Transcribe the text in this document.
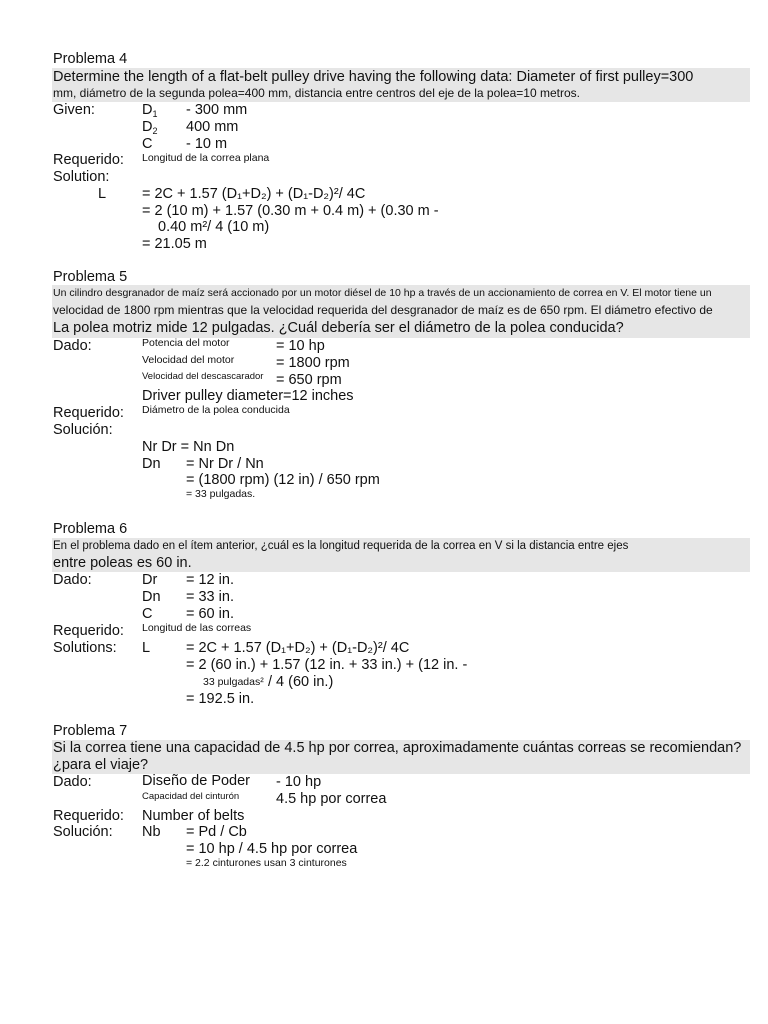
Problema 4
Determine the length of a flat-belt pulley drive having the following data: Diameter of first pulley=300
mm, diámetro de la segunda polea=400 mm, distancia entre centros del eje de la polea=10 metros.
Given:	$D_1 - 300$ mm
$D_2$ 400 mm
C - 10 m
Requerido: Longitud de la correa plana
Solution:
L = 2C + 1.57 (D₁+D₂) + (D₁-D₂)²/ 4C
= 2 (10 m) + 1.57 (0.30 m + 0.4 m) + (0.30 m -
0.40 m²/ 4 (10 m)
= 21.05 m
Problema 5
Un cilindro desgranador de maíz será accionado por un motor diésel de 10 hp a través de un accionamiento de correa en V. El motor tiene un
velocidad de 1800 rpm mientras que la velocidad requerida del desgranador de maíz es de 650 rpm. El diámetro efectivo de
La polea motriz mide 12 pulgadas. ¿Cuál debería ser el diámetro de la polea conducida?
Dado:	Potencia del motor	= 10 hp
Velocidad del motor	= 1800 rpm
Velocidad del descascarador = 650 rpm
Driver pulley diameter=12 inches
Requerido: Diámetro de la polea conducida
Solución:
Nr Dr = Nn Dn
Dn = Nr Dr / Nn
= (1800 rpm) (12 in) / 650 rpm
= 33 pulgadas.
Problema 6
En el problema dado en el ítem anterior, ¿cuál es la longitud requerida de la correa en V si la distancia entre ejes
entre poleas es 60 in.
Dado:	Dr = 12 in.
Dn = 33 in.
C = 60 in.
Requerido: Longitud de las correas
Solutions: L = 2C + 1.57 (D₁+D₂) + (D₁-D₂)²/ 4C
= 2 (60 in.) + 1.57 (12 in. + 33 in.) + (12 in. -
33 pulgadas² / 4 (60 in.)
= 192.5 in.
Problema 7
Si la correa tiene una capacidad de 4.5 hp por correa, aproximadamente cuántas correas se recomiendan?
¿para el viaje?
Dado:	Diseño de Poder - 10 hp
Capacidad del cinturón	4.5 hp por correa
Requerido: Number of belts
Solución: Nb = Pd / Cb
= 10 hp / 4.5 hp por correa
= 2.2 cinturones usan 3 cinturones
